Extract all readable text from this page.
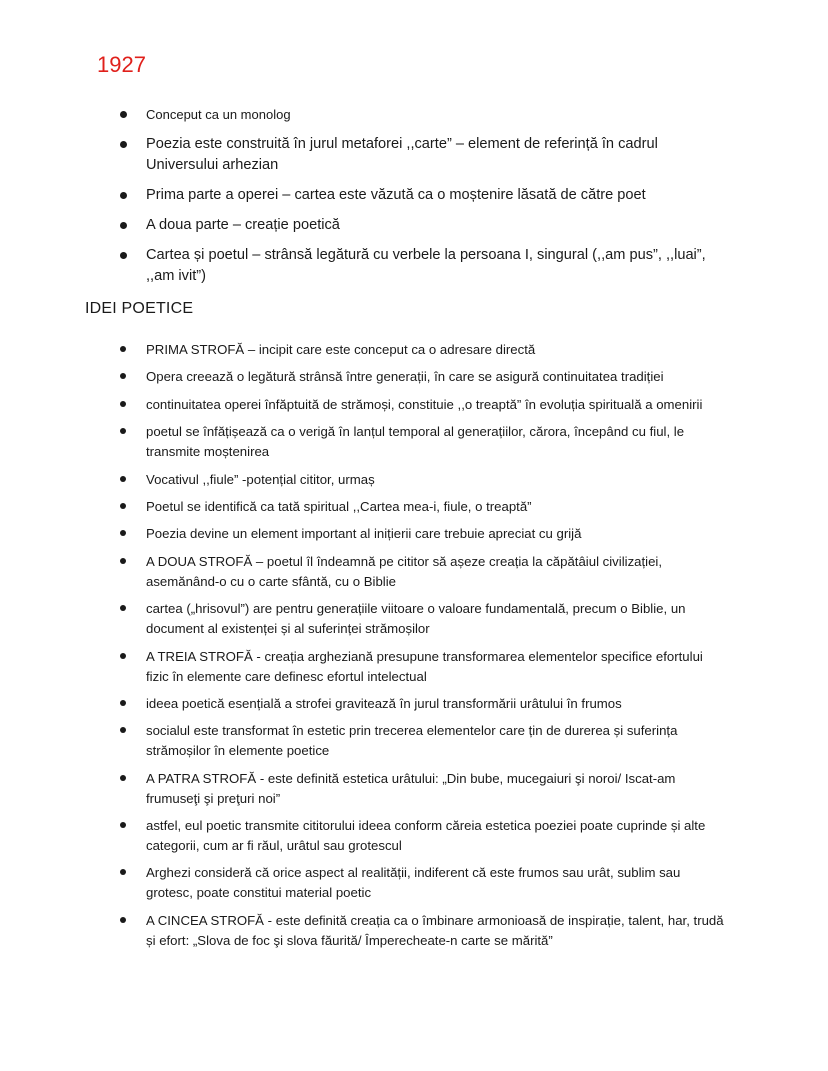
1927
Conceput ca un monolog
Poezia este construită în jurul metaforei ,,carte” – element de referință în cadrul Universului arhezian
Prima parte a operei – cartea este văzută ca o moștenire lăsată de către poet
A doua parte – creație poetică
Cartea și poetul – strânsă legătură cu verbele la persoana I, singural (,,am pus”, ,,luai”, ,,am ivit”)
IDEI POETICE
PRIMA STROFĂ – incipit care este conceput ca o adresare directă
Opera creează o legătură strânsă între generații, în care se asigură continuitatea tradiției
continuitatea operei înfăptuită de strămoși, constituie ,,o treaptă” în evoluția spirituală a omenirii
poetul se înfățișează ca o verigă în lanțul temporal al generațiilor, cărora, începând cu fiul, le transmite moștenirea
Vocativul ,,fiule” -potențial cititor, urmaș
Poetul se identifică ca tată spiritual ,,Cartea mea-i, fiule, o treaptă”
Poezia devine un element important al inițierii care trebuie apreciat cu grijă
A DOUA STROFĂ – poetul îl îndeamnă pe cititor să așeze creația la căpătâiul civilizației, asemănând-o cu o carte sfântă, cu o Biblie
cartea („hrisovul”) are pentru generațiile viitoare o valoare fundamentală, precum o Biblie, un document al existenței și al suferinței strămoșilor
A TREIA STROFĂ - creația argheziană presupune transformarea elementelor specifice efortului fizic în elemente care definesc efortul intelectual
ideea poetică esențială a strofei gravitează în jurul transformării urâtului în frumos
socialul este transformat în estetic prin trecerea elementelor care țin de durerea și suferința strămoșilor în elemente poetice
A PATRA STROFĂ - este definită estetica urâtului: „Din bube, mucegaiuri şi noroi/ Iscat-am frumuseţi şi preţuri noi”
astfel, eul poetic transmite cititorului ideea conform căreia estetica poeziei poate cuprinde și alte categorii, cum ar fi răul, urâtul sau grotescul
Arghezi consideră că orice aspect al realității, indiferent că este frumos sau urât, sublim sau grotesc, poate constitui material poetic
A CINCEA STROFĂ - este definită creația ca o îmbinare armonioasă de inspirație, talent, har, trudă și efort: „Slova de foc şi slova făurită/ Împerecheate-n carte se mărită”
